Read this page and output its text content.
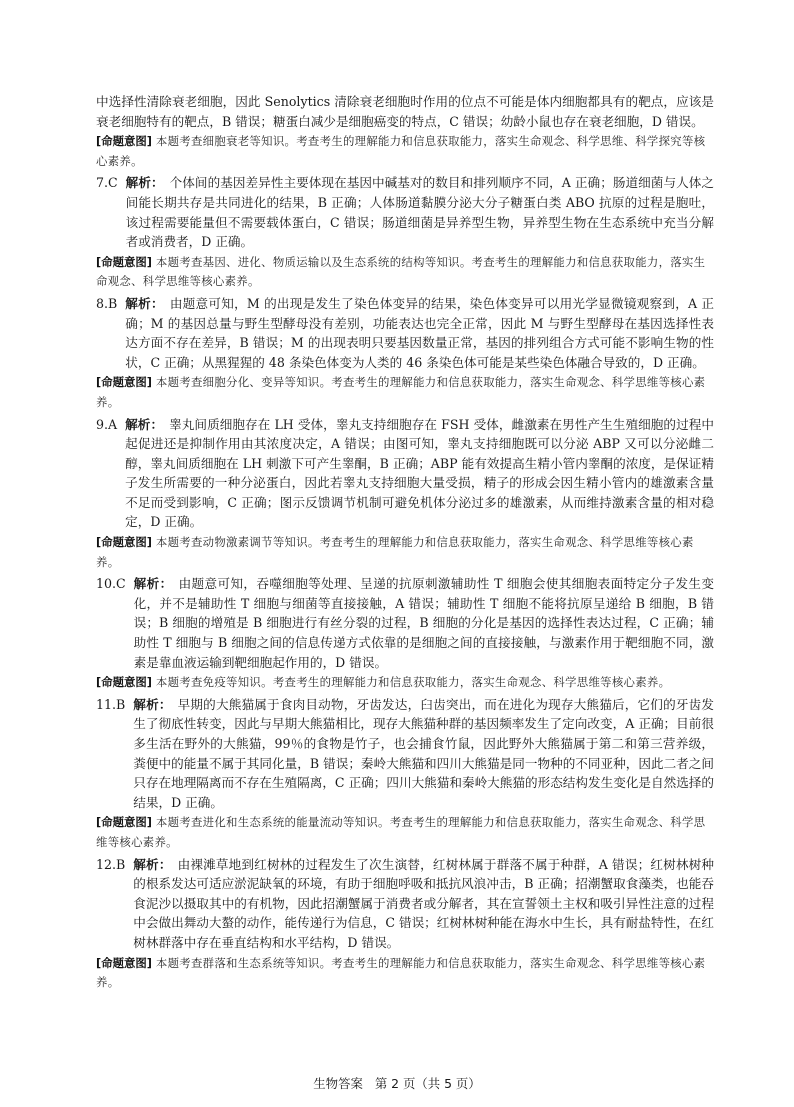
中选择性清除衰老细胞，因此 Senolytics 清除衰老细胞时作用的位点不可能是体内细胞都具有的靶点，应该是衰老细胞特有的靶点，B 错误；糖蛋白减少是细胞癌变的特点，C 错误；幼龄小鼠也存在衰老细胞，D 错误。

[命题意图] 本题考查细胞衰老等知识。考查考生的理解能力和信息获取能力，落实生命观念、科学思维、科学探究等核心素养。

7.C 解析： 个体间的基因差异性主要体现在基因中碱基对的数目和排列顺序不同，A 正确；肠道细菌与人体之间能长期共存是共同进化的结果，B 正确；人体肠道黏膜分泌大分子糖蛋白类 ABO 抗原的过程是胞吐，该过程需要能量但不需要载体蛋白，C 错误；肠道细菌是异养型生物，异养型生物在生态系统中充当分解者或消费者，D 正确。

[命题意图] 本题考查基因、进化、物质运输以及生态系统的结构等知识。考查考生的理解能力和信息获取能力，落实生命观念、科学思维等核心素养。

8.B 解析： 由题意可知，M 的出现是发生了染色体变异的结果，染色体变异可以用光学显微镜观察到，A 正确；M 的基因总量与野生型酵母没有差别，功能表达也完全正常，因此 M 与野生型酵母在基因选择性表达方面不存在差异，B 错误；M 的出现表明只要基因数量正常，基因的排列组合方式可能不影响生物的性状，C 正确；从黑猩猩的 48 条染色体变为人类的 46 条染色体可能是某些染色体融合导致的，D 正确。

[命题意图] 本题考查细胞分化、变异等知识。考查考生的理解能力和信息获取能力，落实生命观念、科学思维等核心素养。

9.A 解析： 睾丸间质细胞存在 LH 受体，睾丸支持细胞存在 FSH 受体，雌激素在男性产生生殖细胞的过程中起促进还是抑制作用由其浓度决定，A 错误；由图可知，睾丸支持细胞既可以分泌 ABP 又可以分泌雌二醇，睾丸间质细胞在 LH 刺激下可产生睾酮，B 正确；ABP 能有效提高生精小管内睾酮的浓度，是保证精子发生所需要的一种分泌蛋白，因此若睾丸支持细胞大量受损，精子的形成会因生精小管内的雄激素含量不足而受到影响，C 正确；图示反馈调节机制可避免机体分泌过多的雄激素，从而维持激素含量的相对稳定，D 正确。

[命题意图] 本题考查动物激素调节等知识。考查考生的理解能力和信息获取能力，落实生命观念、科学思维等核心素养。

10.C 解析： 由题意可知，吞噬细胞等处理、呈递的抗原刺激辅助性 T 细胞会使其细胞表面特定分子发生变化，并不是辅助性 T 细胞与细菌等直接接触，A 错误；辅助性 T 细胞不能将抗原呈递给 B 细胞，B 错误；B 细胞的增殖是 B 细胞进行有丝分裂的过程，B 细胞的分化是基因的选择性表达过程，C 正确；辅助性 T 细胞与 B 细胞之间的信息传递方式依靠的是细胞之间的直接接触，与激素作用于靶细胞不同，激素是靠血液运输到靶细胞起作用的，D 错误。

[命题意图] 本题考查免疫等知识。考查考生的理解能力和信息获取能力，落实生命观念、科学思维等核心素养。

11.B 解析： 早期的大熊猫属于食肉目动物，牙齿发达，臼齿突出，而在进化为现存大熊猫后，它们的牙齿发生了彻底性转变，因此与早期大熊猫相比，现存大熊猫种群的基因频率发生了定向改变，A 正确；目前很多生活在野外的大熊猫，99％的食物是竹子，也会捕食竹鼠，因此野外大熊猫属于第二和第三营养级，粪便中的能量不属于其同化量，B 错误；秦岭大熊猫和四川大熊猫是同一物种的不同亚种，因此二者之间只存在地理隔离而不存在生殖隔离，C 正确；四川大熊猫和秦岭大熊猫的形态结构发生变化是自然选择的结果，D 正确。

[命题意图] 本题考查进化和生态系统的能量流动等知识。考查考生的理解能力和信息获取能力，落实生命观念、科学思维等核心素养。

12.B 解析： 由裸滩草地到红树林的过程发生了次生演替，红树林属于群落不属于种群，A 错误；红树林树种的根系发达可适应淤泥缺氧的环境，有助于细胞呼吸和抵抗风浪冲击，B 正确；招潮蟹取食藻类，也能吞食泥沙以摄取其中的有机物，因此招潮蟹属于消费者或分解者，其在宣誓领土主权和吸引异性注意的过程中会做出舞动大螯的动作，能传递行为信息，C 错误；红树林树种能在海水中生长，具有耐盐特性，在红树林群落中存在垂直结构和水平结构，D 错误。

[命题意图] 本题考查群落和生态系统等知识。考查考生的理解能力和信息获取能力，落实生命观念、科学思维等核心素养。

生物答案 第 2 页（共 5 页）
